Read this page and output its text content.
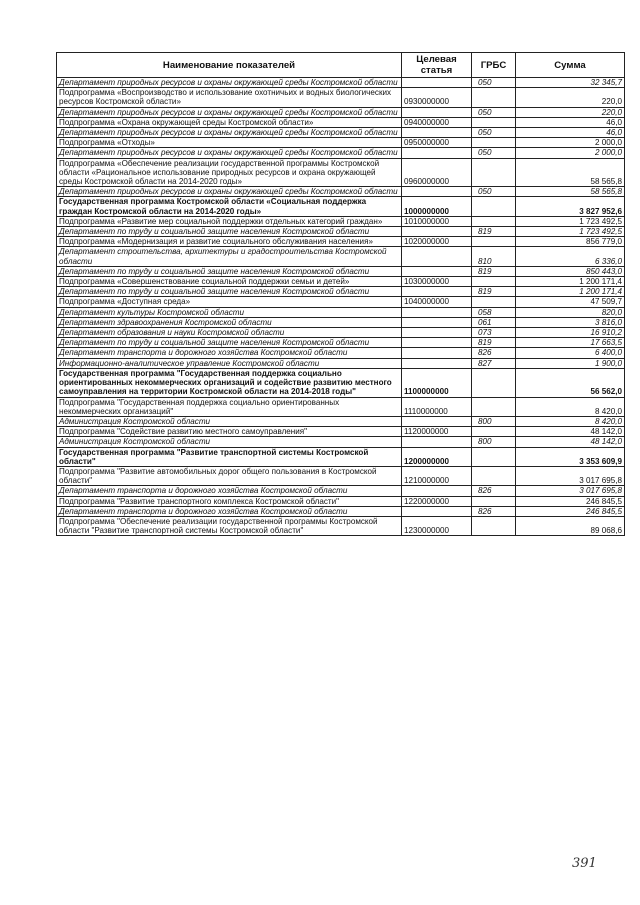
Наименование показателей	Целевая статья	ГРБС	Сумма
Департамент природных ресурсов и охраны окружающей среды Костромской области		050	32 345,7
Подпрограмма «Воспроизводство и использование охотничьих и водных биологических ресурсов Костромской области»	0930000000		220,0
Департамент природных ресурсов и охраны окружающей среды Костромской области		050	220,0
Подпрограмма «Охрана окружающей среды Костромской области»	0940000000		46,0
Департамент природных ресурсов и охраны окружающей среды Костромской области		050	46,0
Подпрограмма «Отходы»	0950000000		2 000,0
Департамент природных ресурсов и охраны окружающей среды Костромской области		050	2 000,0
Подпрограмма «Обеспечение реализации государственной программы Костромской области «Рациональное использование природных ресурсов и охрана окружающей среды Костромской области на 2014-2020 годы»	0960000000		58 565,8
Департамент природных ресурсов и охраны окружающей среды Костромской области		050	58 565,8
Государственная программа Костромской области «Социальная поддержка граждан Костромской области на 2014-2020 годы»	1000000000		3 827 952,6
Подпрограмма «Развитие мер социальной поддержки отдельных категорий граждан»	1010000000		1 723 492,5
Департамент по труду и социальной защите населения Костромской области		819	1 723 492,5
Подпрограмма «Модернизация и развитие социального обслуживания населения»	1020000000		856 779,0
Департамент строительства, архитектуры и градостроительства Костромской области		810	6 336,0
Департамент по труду и социальной защите населения Костромской области		819	850 443,0
Подпрограмма «Совершенствование социальной поддержки семьи и детей»	1030000000		1 200 171,4
Департамент по труду и социальной защите населения Костромской области		819	1 200 171,4
Подпрограмма «Доступная среда»	1040000000		47 509,7
Департамент культуры Костромской области		058	820,0
Департамент здравоохранения Костромской области		061	3 816,0
Департамент образования и науки Костромской области		073	16 910,2
Департамент по труду и социальной защите населения Костромской области		819	17 663,5
Департамент транспорта и дорожного хозяйства Костромской области		826	6 400,0
Информационно-аналитическое управление Костромской области		827	1 900,0
Государственная программа "Государственная поддержка социально ориентированных некоммерческих организаций и содействие развитию местного самоуправления на территории Костромской области на 2014-2018 годы"	1100000000		56 562,0
Подпрограмма "Государственная поддержка социально ориентированных некоммерческих организаций"	1110000000		8 420,0
Администрация Костромской области		800	8 420,0
Подпрограмма "Содействие развитию местного самоуправления"	1120000000		48 142,0
Администрация Костромской области		800	48 142,0
Государственная программа "Развитие транспортной системы Костромской области"	1200000000		3 353 609,9
Подпрограмма "Развитие автомобильных дорог общего пользования в Костромской области"	1210000000		3 017 695,8
Департамент транспорта и дорожного хозяйства Костромской области		826	3 017 695,8
Подпрограмма "Развитие транспортного комплекса Костромской области"	1220000000		246 845,5
Департамент транспорта и дорожного хозяйства Костромской области		826	246 845,5
Подпрограмма "Обеспечение реализации государственной программы Костромской области "Развитие транспортной системы Костромской области"	1230000000		89 068,6
391
